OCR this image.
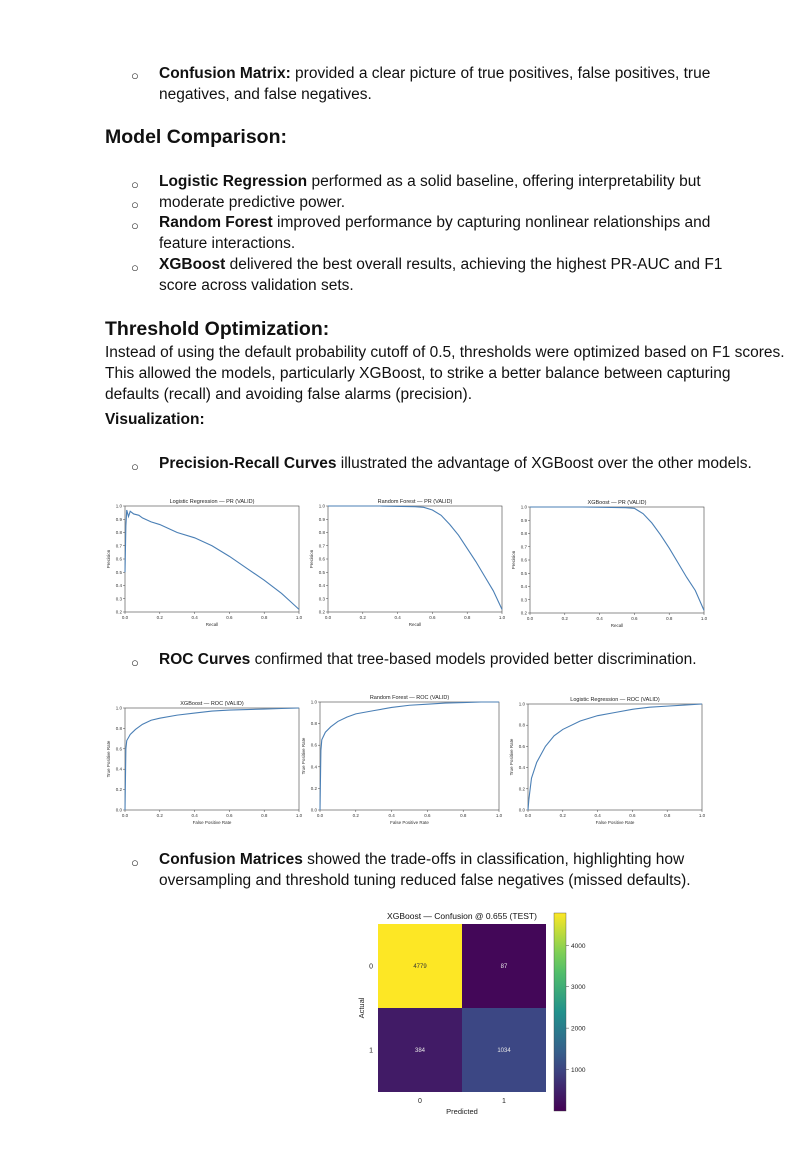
○ Confusion Matrix: provided a clear picture of true positives, false positives, true negatives, and false negatives.
Model Comparison:
○ Logistic Regression performed as a solid baseline, offering interpretability but
○ moderate predictive power.
○ Random Forest improved performance by capturing nonlinear relationships and feature interactions.
○ XGBoost delivered the best overall results, achieving the highest PR-AUC and F1 score across validation sets.
Threshold Optimization:

Instead of using the default probability cutoff of 0.5, thresholds were optimized based on F1 scores. This allowed the models, particularly XGBoost, to strike a better balance between capturing defaults (recall) and avoiding false alarms (precision).

Visualization:

○ Precision-Recall Curves illustrated the advantage of XGBoost over the other models.
Logistic Regression — PR (VALID)
0.0	0.2	0.4	0.6	0.8	1.0
0.2
0.3
0.4
0.5
0.6
0.7
0.8
0.9
1.0
Recall
Precision
Random Forest — PR (VALID)
0.0	0.2	0.4	0.6	0.8	1.0
0.2
0.3
0.4
0.5
0.6
0.7
0.8
0.9
1.0
Recall
Precision
XGBoost — PR (VALID)
0.0	0.2	0.4	0.6	0.8	1.0
0.2
0.3
0.4
0.5
0.6
0.7
0.8
0.9
1.0
Recall
Precision
○ ROC Curves confirmed that tree-based models provided better discrimination.
XGBoost — ROC (VALID)
0.0	0.2	0.4	0.6	0.8	1.0
0.0
0.2
0.4
0.6
0.8
1.0
False Positive Rate
True Positive Rate
Random Forest — ROC (VALID)
0.0	0.2	0.4	0.6	0.8	1.0
0.0
0.2
0.4
0.6
0.8
1.0
False Positive Rate
True Positive Rate
Logistic Regression — ROC (VALID)
0.0	0.2	0.4	0.6	0.8	1.0
0.0
0.2
0.4
0.6
0.8
1.0
False Positive Rate
True Positive Rate
○ Confusion Matrices showed the trade-offs in classification, highlighting how oversampling and threshold tuning reduced false negatives (missed defaults).
XGBoost — Confusion @ 0.655 (TEST)
4779	87
384	1034
0	1
0
1
Predicted
Actual
1000
2000
3000
4000
